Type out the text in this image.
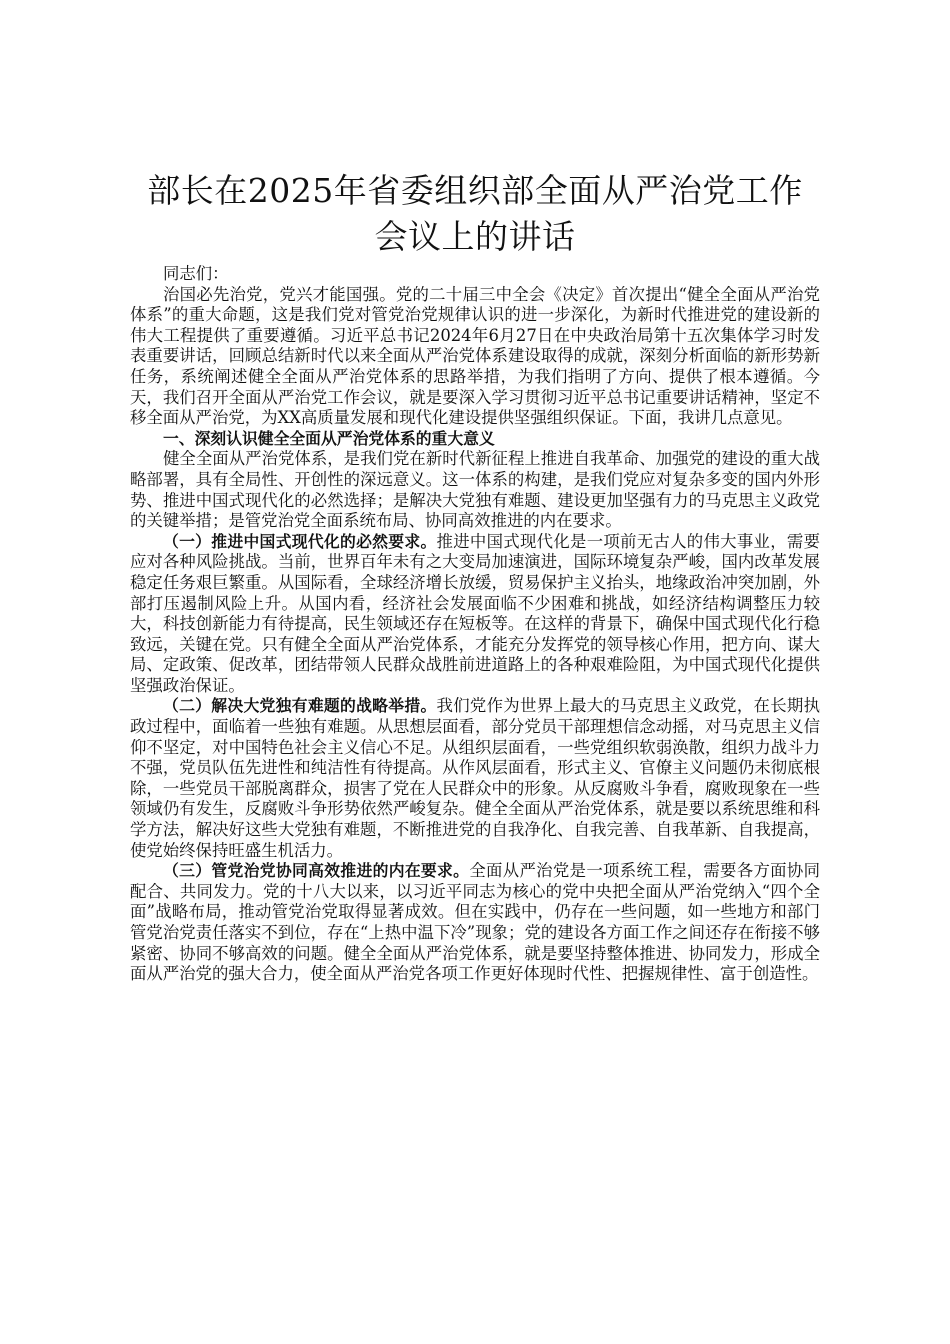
部长在2025年省委组织部全面从严治党工作
会议上的讲话

同志们：

治国必先治党，党兴才能国强。党的二十届三中全会《决定》首次提出“健全全面从严治党体系”的重大命题，这是我们党对管党治党规律认识的进一步深化，为新时代推进党的建设新的伟大工程提供了重要遵循。习近平总书记2024年6月27日在中央政治局第十五次集体学习时发表重要讲话，回顾总结新时代以来全面从严治党体系建设取得的成就，深刻分析面临的新形势新任务，系统阐述健全全面从严治党体系的思路举措，为我们指明了方向、提供了根本遵循。今天，我们召开全面从严治党工作会议，就是要深入学习贯彻习近平总书记重要讲话精神，坚定不移全面从严治党，为XX高质量发展和现代化建设提供坚强组织保证。下面，我讲几点意见。

一、深刻认识健全全面从严治党体系的重大意义

健全全面从严治党体系，是我们党在新时代新征程上推进自我革命、加强党的建设的重大战略部署，具有全局性、开创性的深远意义。这一体系的构建，是我们党应对复杂多变的国内外形势、推进中国式现代化的必然选择；是解决大党独有难题、建设更加坚强有力的马克思主义政党的关键举措；是管党治党全面系统布局、协同高效推进的内在要求。

（一）推进中国式现代化的必然要求。推进中国式现代化是一项前无古人的伟大事业，需要应对各种风险挑战。当前，世界百年未有之大变局加速演进，国际环境复杂严峻，国内改革发展稳定任务艰巨繁重。从国际看，全球经济增长放缓，贸易保护主义抬头，地缘政治冲突加剧，外部打压遏制风险上升。从国内看，经济社会发展面临不少困难和挑战，如经济结构调整压力较大，科技创新能力有待提高，民生领域还存在短板等。在这样的背景下，确保中国式现代化行稳致远，关键在党。只有健全全面从严治党体系，才能充分发挥党的领导核心作用，把方向、谋大局、定政策、促改革，团结带领人民群众战胜前进道路上的各种艰难险阻，为中国式现代化提供坚强政治保证。

（二）解决大党独有难题的战略举措。我们党作为世界上最大的马克思主义政党，在长期执政过程中，面临着一些独有难题。从思想层面看，部分党员干部理想信念动摇，对马克思主义信仰不坚定，对中国特色社会主义信心不足。从组织层面看，一些党组织软弱涣散，组织力战斗力不强，党员队伍先进性和纯洁性有待提高。从作风层面看，形式主义、官僚主义问题仍未彻底根除，一些党员干部脱离群众，损害了党在人民群众中的形象。从反腐败斗争看，腐败现象在一些领域仍有发生，反腐败斗争形势依然严峻复杂。健全全面从严治党体系，就是要以系统思维和科学方法，解决好这些大党独有难题，不断推进党的自我净化、自我完善、自我革新、自我提高，使党始终保持旺盛生机活力。

（三）管党治党协同高效推进的内在要求。全面从严治党是一项系统工程，需要各方面协同配合、共同发力。党的十八大以来，以习近平同志为核心的党中央把全面从严治党纳入“四个全面”战略布局，推动管党治党取得显著成效。但在实践中，仍存在一些问题，如一些地方和部门管党治党责任落实不到位，存在“上热中温下冷”现象；党的建设各方面工作之间还存在衔接不够紧密、协同不够高效的问题。健全全面从严治党体系，就是要坚持整体推进、协同发力，形成全面从严治党的强大合力，使全面从严治党各项工作更好体现时代性、把握规律性、富于创造性。
